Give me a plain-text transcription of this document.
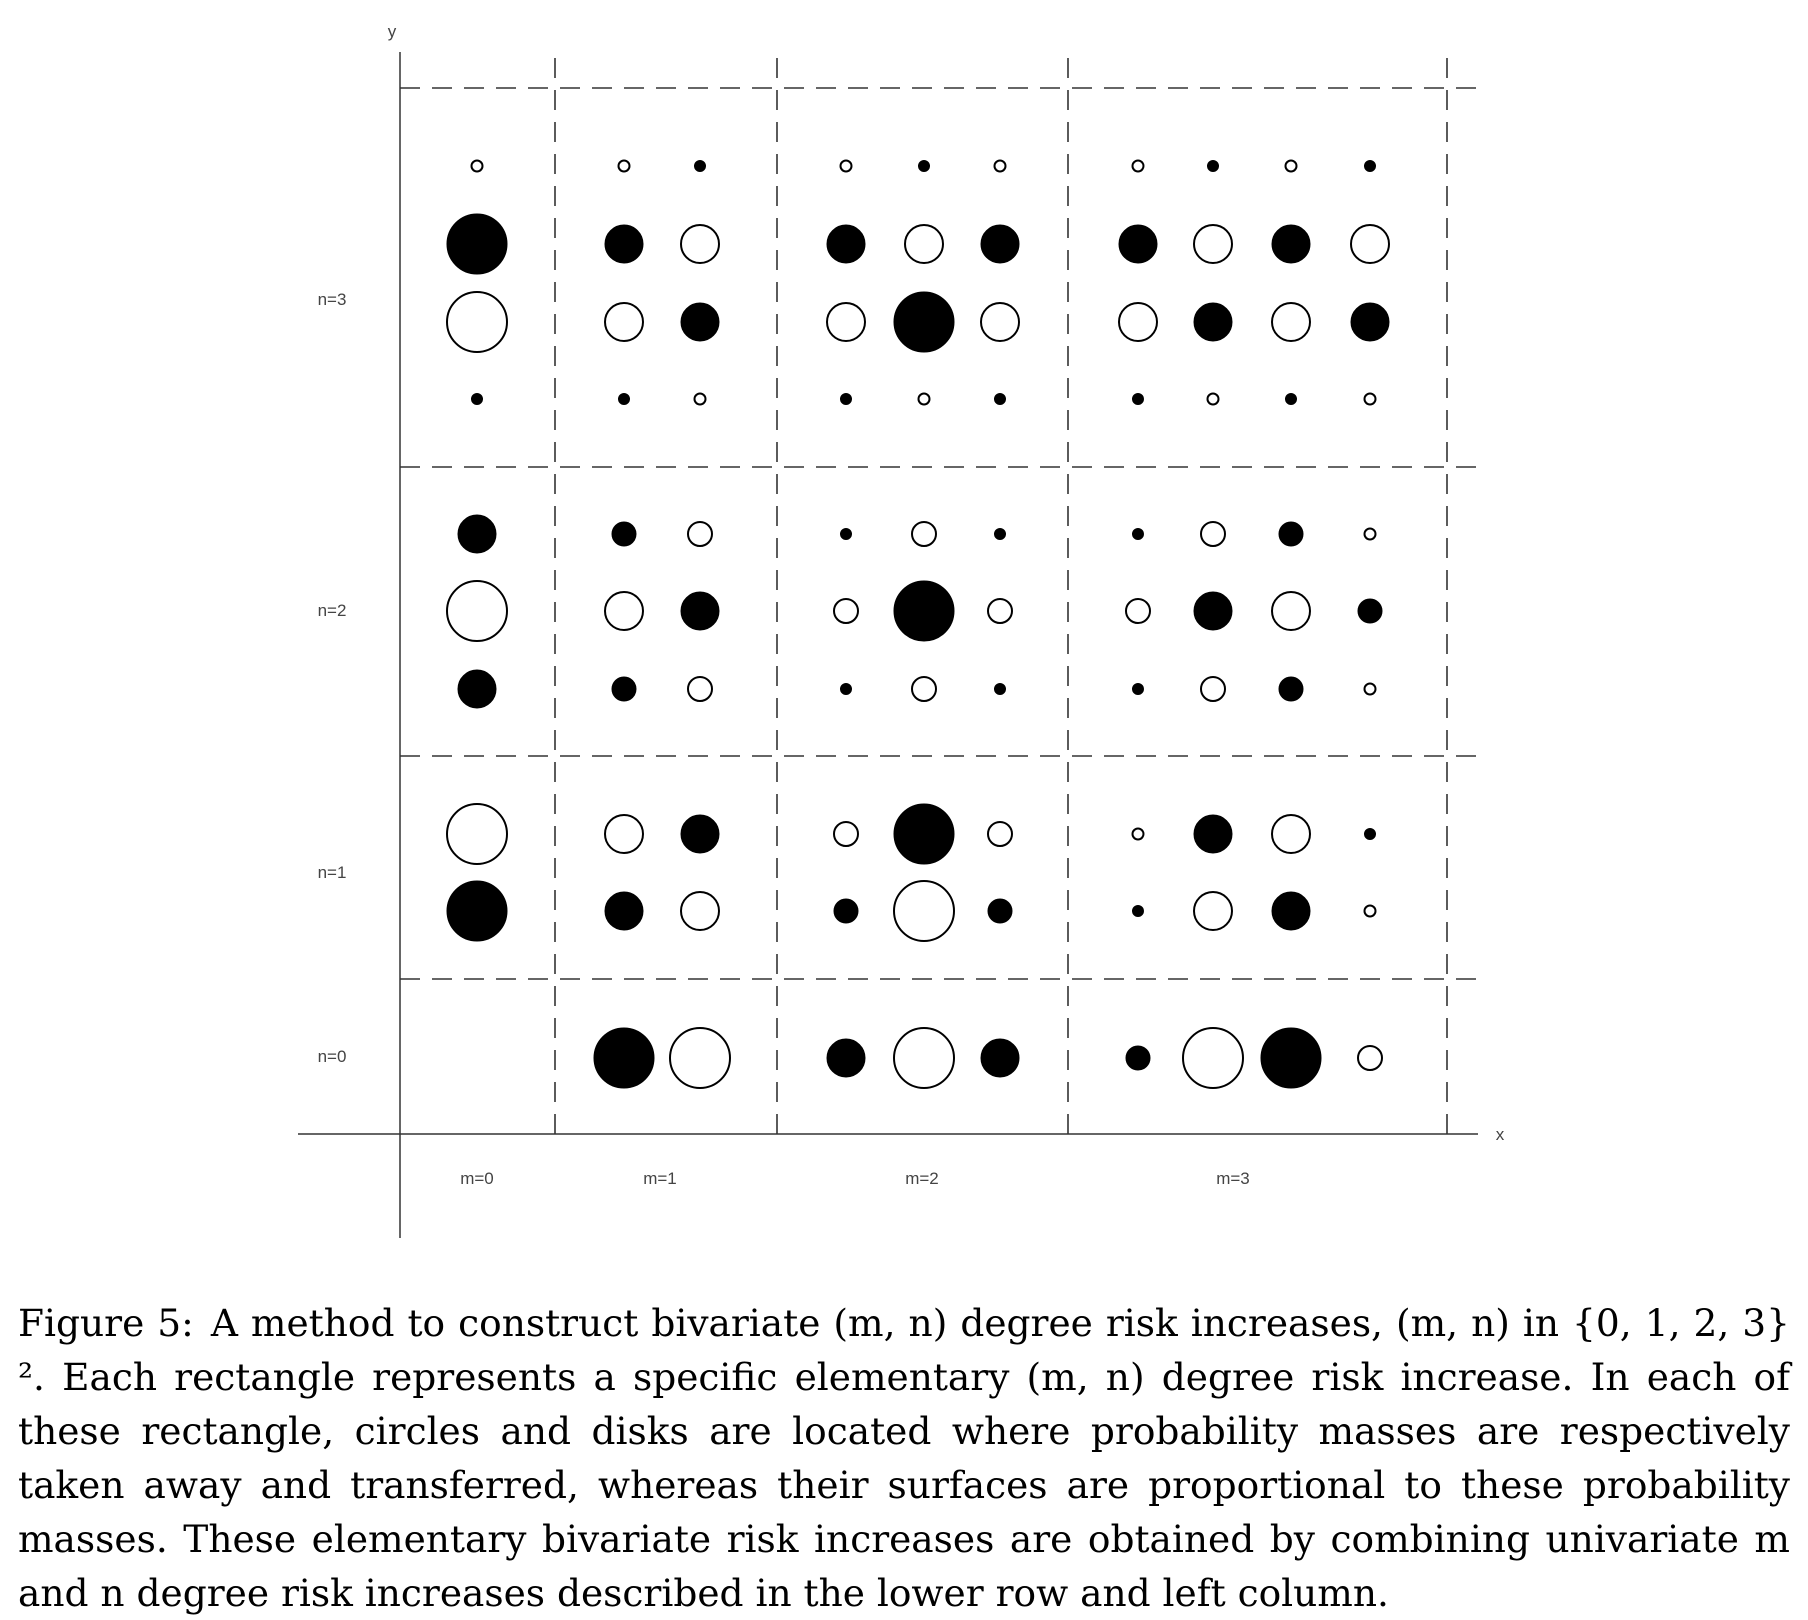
y
x
n=3
n=2
n=1
n=0
m=0	m=1	m=2	m=3

Figure 5: A method to construct bivariate (m, n) degree risk increases, (m, n) in {0, 1, 2, 3}². Each rectangle represents a specific elementary (m, n) degree risk increase. In each of these rectangle, circles and disks are located where probability masses are respectively taken away and transferred, whereas their surfaces are proportional to these probability masses. These elementary bivariate risk increases are obtained by combining univariate m and n degree risk increases described in the lower row and left column.
